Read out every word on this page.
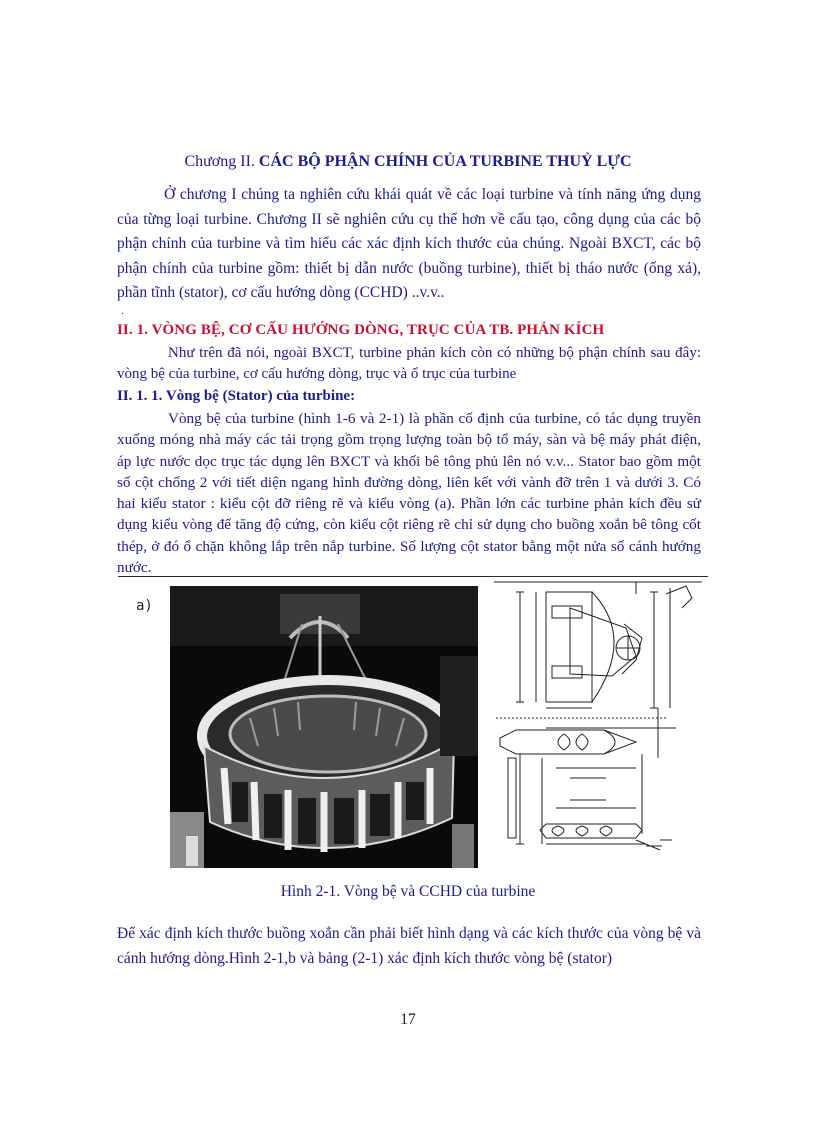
Chương II. CÁC BỘ PHẬN CHÍNH CỦA TURBINE THUỶ LỰC

Ở chương I chúng ta nghiên cứu khái quát về các loại turbine và tính năng ứng dụng của từng loại turbine. Chương II sẽ nghiên cứu cụ thể hơn về cấu tạo, công dụng của các bộ phận chính của turbine và tìm hiểu các xác định kích thước của chúng. Ngoài BXCT, các bộ phận chính của turbine gồm: thiết bị dẫn nước (buồng turbine), thiết bị tháo nước (ống xả), phần tĩnh (stator), cơ cấu hướng dòng (CCHD) ..v.v..

.
II. 1. VÒNG BỆ, CƠ CẤU HƯỚNG DÒNG, TRỤC CỦA TB. PHẢN KÍCH

Như trên đã nói, ngoài BXCT, turbine phản kích còn có những bộ phận chính sau đây: vòng bệ của turbine, cơ cấu hướng dòng, trục và ổ trục của turbine

II. 1. 1. Vòng bệ (Stator) của turbine:

Vòng bệ của turbine (hình 1-6 và 2-1) là phần cố định của turbine, có tác dụng truyền xuống móng nhà máy các tải trọng gồm trọng lượng toàn bộ tổ máy, sàn và bệ máy phát điện, áp lực nước dọc trục tác dụng lên BXCT và khối bê tông phủ lên nó v.v... Stator bao gồm một số cột chống 2 với tiết diện ngang hình đường dòng, liên kết với vành đỡ trên 1 và dưới 3. Có hai kiểu stator : kiểu cột đỡ riêng rẽ và kiểu vòng (a). Phần lớn các turbine phản kích đều sử dụng kiểu vòng để tăng độ cứng, còn kiểu cột riêng rẽ chỉ sử dụng cho buồng xoắn bê tông cốt thép, ở đó ổ chặn không lắp trên nắp turbine. Số lượng cột stator bằng một nửa số cánh hướng nước.

a)
Hình 2-1. Vòng bệ và CCHD của turbine

Để xác định kích thước buồng xoắn cần phải biết hình dạng và các kích thước của vòng bệ và cánh hướng dòng.Hình 2-1,b và bảng (2-1) xác định kích thước vòng bệ (stator)

17
